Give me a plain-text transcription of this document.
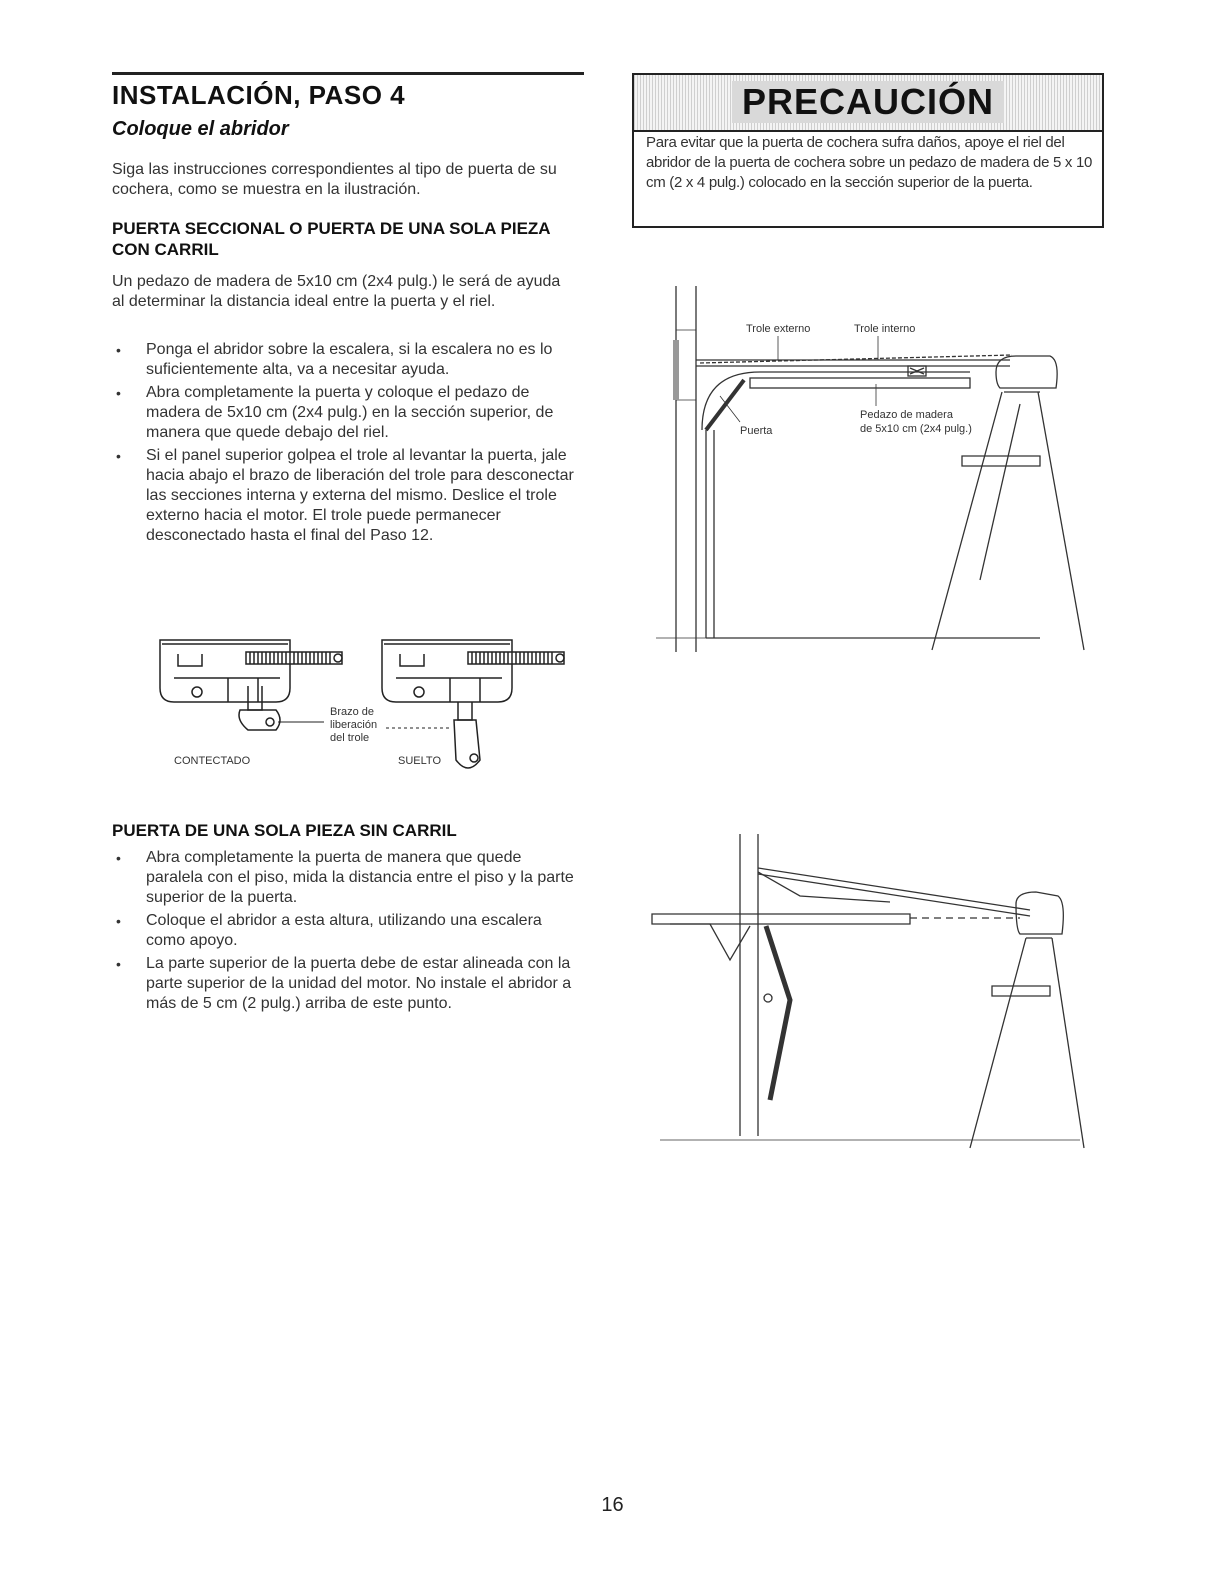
INSTALACIÓN, PASO 4
Coloque el abridor

Siga las instrucciones correspondientes al tipo de puerta de su cochera, como se muestra en la ilustración.

PUERTA SECCIONAL O PUERTA DE UNA SOLA PIEZA CON CARRIL

Un pedazo de madera de 5x10 cm (2x4 pulg.) le será de ayuda al determinar la distancia ideal entre la puerta y el riel.

• Ponga el abridor sobre la escalera, si la escalera no es lo suficientemente alta, va a necesitar ayuda.
• Abra completamente la puerta y coloque el pedazo de madera de 5x10 cm (2x4 pulg.) en la sección superior, de manera que quede debajo del riel.
• Si el panel superior golpea el trole al levantar la puerta, jale hacia abajo el brazo de liberación del trole para desconectar las secciones interna y externa del mismo. Deslice el trole externo hacia el motor. El trole puede permanecer desconectado hasta el final del Paso 12.
Brazo de
liberación
del trole
CONTECTADO	SUELTO
PUERTA DE UNA SOLA PIEZA SIN CARRIL
• Abra completamente la puerta de manera que quede paralela con el piso, mida la distancia entre el piso y la parte superior de la puerta.
• Coloque el abridor a esta altura, utilizando una escalera como apoyo.
• La parte superior de la puerta debe de estar alineada con la parte superior de la unidad del motor. No instale el abridor a más de 5 cm (2 pulg.) arriba de este punto.
PRECAUCIÓN

Para evitar que la puerta de cochera sufra daños, apoye el riel del abridor de la puerta de cochera sobre un pedazo de madera de 5 x 10 cm (2 x 4 pulg.) colocado en la sección superior de la puerta.

Trole externo	Trole interno
Puerta
Pedazo de madera
de 5x10 cm (2x4 pulg.)
16
